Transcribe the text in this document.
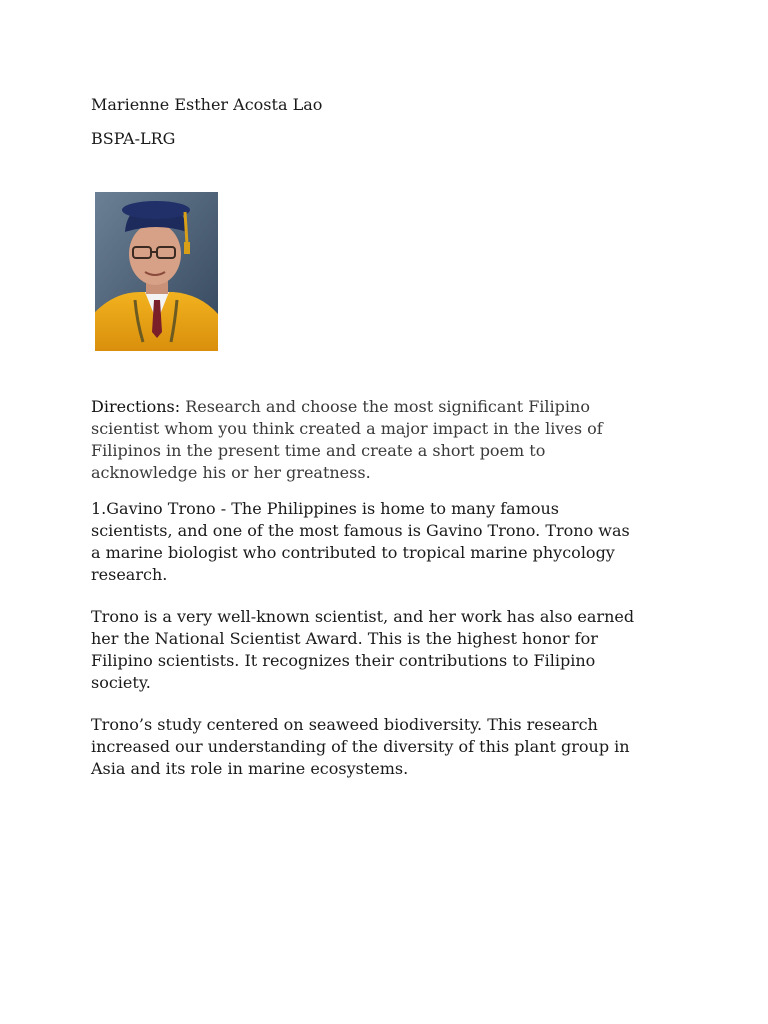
Marienne Esther Acosta Lao

BSPA-LRG

Directions: Research and choose the most significant Filipino
scientist whom you think created a major impact in the lives of
Filipinos in the present time and create a short poem to
acknowledge his or her greatness.

1.Gavino Trono - The Philippines is home to many famous
scientists, and one of the most famous is Gavino Trono. Trono was
a marine biologist who contributed to tropical marine phycology
research.

Trono is a very well-known scientist, and her work has also earned
her the National Scientist Award. This is the highest honor for
Filipino scientists. It recognizes their contributions to Filipino
society.

Trono’s study centered on seaweed biodiversity. This research
increased our understanding of the diversity of this plant group in
Asia and its role in marine ecosystems.
